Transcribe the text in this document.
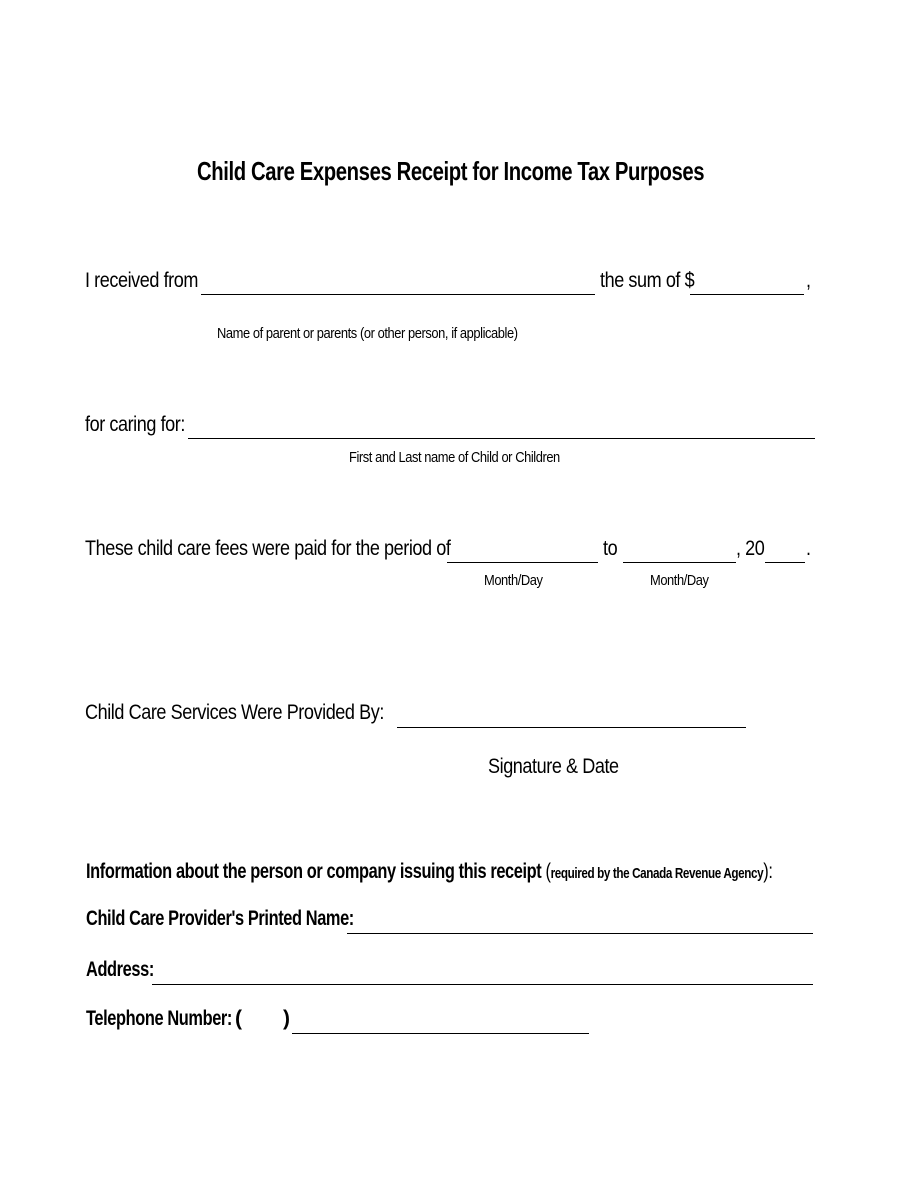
Child Care Expenses Receipt for Income Tax Purposes
I received from	the sum of $	,
Name of parent or parents (or other person, if applicable)
for caring for:
First and Last name of Child or Children
These child care fees were paid for the period of	to	, 20 .
Month/Day	Month/Day
Child Care Services Were Provided By:
Signature & Date
Information about the person or company issuing this receipt (required by the Canada Revenue Agency):
Child Care Provider's Printed Name:
Address:
Telephone Number: ( )
